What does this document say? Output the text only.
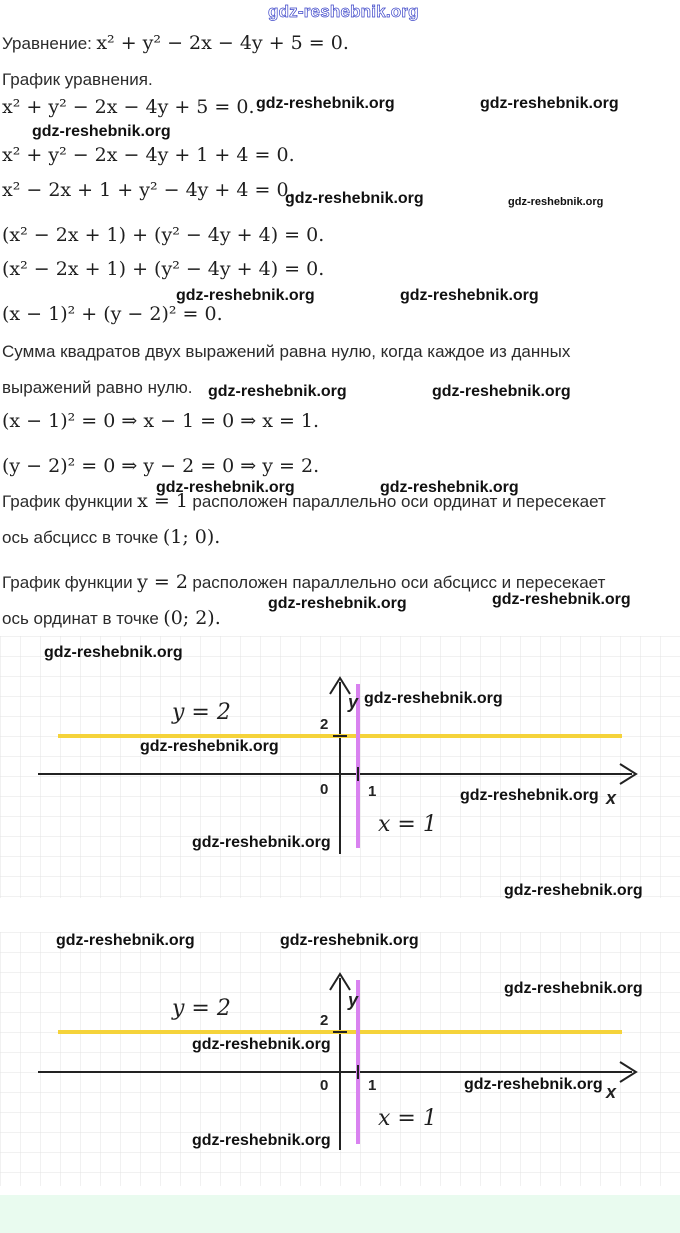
gdz-reshebnik.org
Уравнение: x² + y² − 2x − 4y + 5 = 0.
График уравнения.
x² + y² − 2x − 4y + 5 = 0. gdz-reshebnik.org	gdz-reshebnik.org
gdz-reshebnik.org
x² + y² − 2x − 4y + 1 + 4 = 0.
x² − 2x + 1 + y² − 4y + 4 = 0.
gdz-reshebnik.org	gdz-reshebnik.org
(x² − 2x + 1) + (y² − 4y + 4) = 0.
(x² − 2x + 1) + (y² − 4y + 4) = 0.
gdz-reshebnik.org	gdz-reshebnik.org
(x − 1)² + (y − 2)² = 0.
Сумма квадратов двух выражений равна нулю, когда каждое из данных
выражений равно нулю. gdz-reshebnik.org	gdz-reshebnik.org
(x − 1)² = 0 ⇒ x − 1 = 0 ⇒ x = 1.
(y − 2)² = 0 ⇒ y − 2 = 0 ⇒ y = 2.
gdz-reshebnik.org	gdz-reshebnik.org
График функции x = 1 расположен параллельно оси ординат и пересекает
ось абсцисс в точке (1; 0).
График функции y = 2 расположен параллельно оси абсцисс и пересекает
ось ординат в точке (0; 2).
gdz-reshebnik.org	gdz-reshebnik.org
y
x
0	1
2
y = 2
x = 1
gdz-reshebnik.org
gdz-reshebnik.org
gdz-reshebnik.org
gdz-reshebnik.org
gdz-reshebnik.org
gdz-reshebnik.org
y
x
0	1
2
y = 2
x = 1
gdz-reshebnik.org	gdz-reshebnik.org
gdz-reshebnik.org
gdz-reshebnik.org
gdz-reshebnik.org
gdz-reshebnik.org
